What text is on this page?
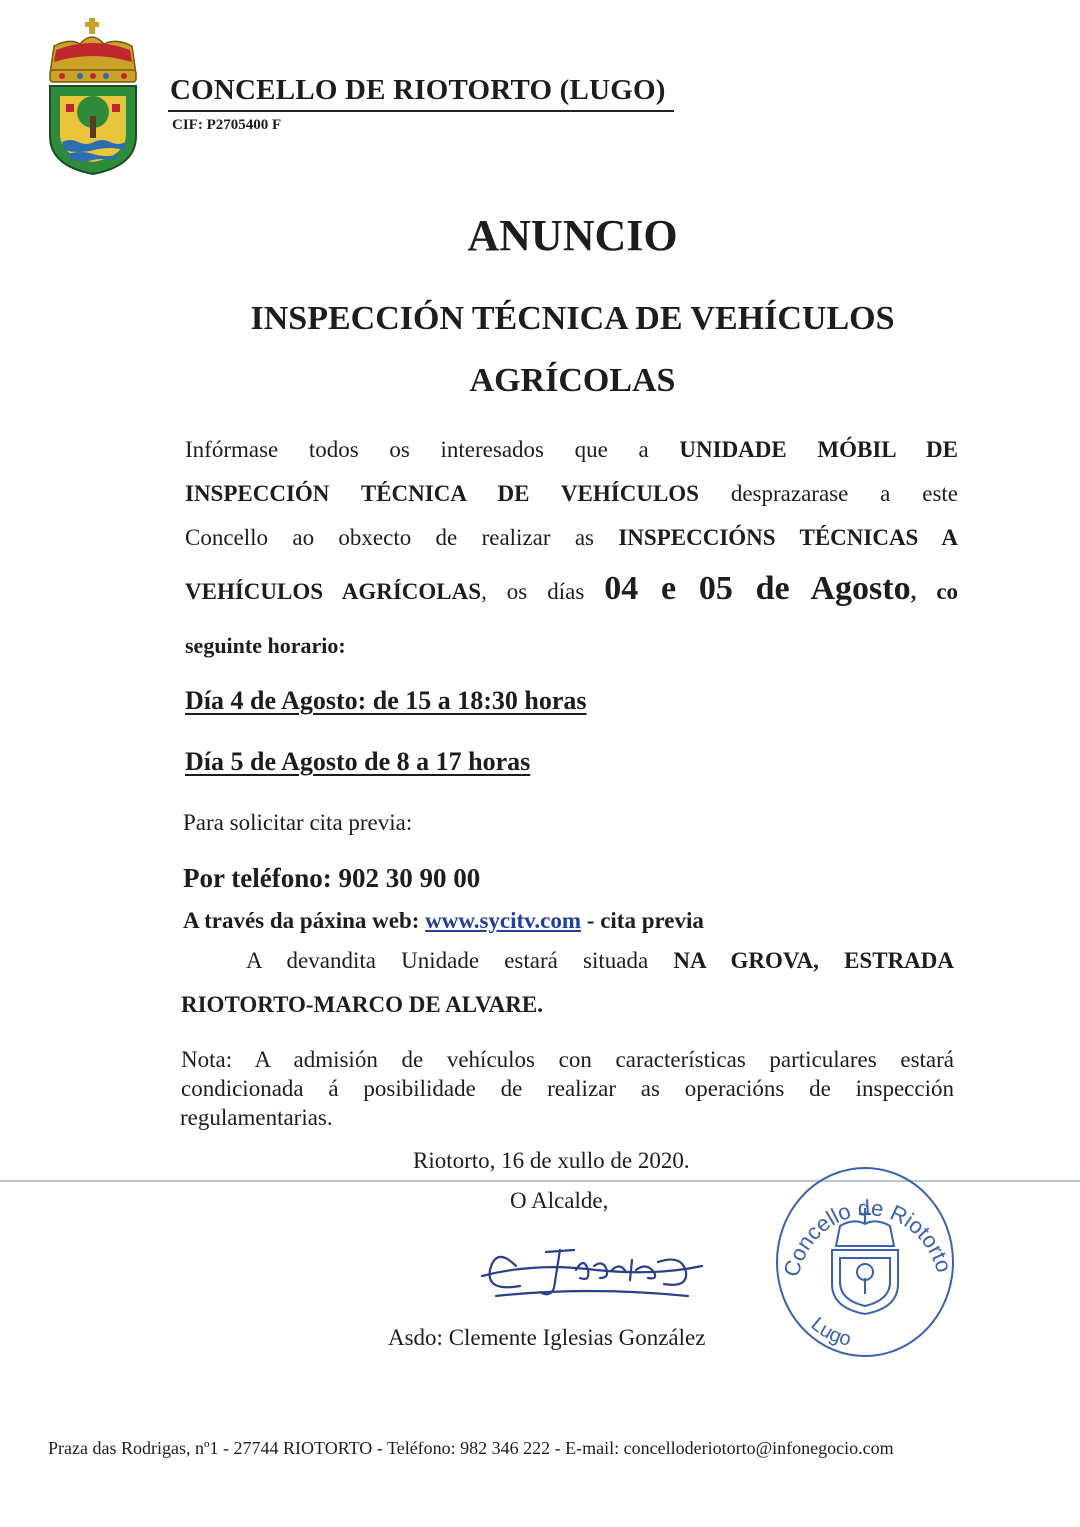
CONCELLO DE RIOTORTO (LUGO)
CIF: P2705400 F
ANUNCIO
INSPECCIÓN TÉCNICA DE VEHÍCULOS
AGRÍCOLAS
Infórmase todos os interesados que a UNIDADE MÓBIL DE
INSPECCIÓN TÉCNICA DE VEHÍCULOS desprazarase a este
Concello ao obxecto de realizar as INSPECCIÓNS TÉCNICAS A
VEHÍCULOS AGRÍCOLAS, os días 04 e 05 de Agosto, co
seguinte horario:
Día 4 de Agosto: de 15 a 18:30 horas
Día 5 de Agosto de 8 a 17 horas
Para solicitar cita previa:
Por teléfono: 902 30 90 00
A través da páxina web: www.sycitv.com - cita previa
A devandita Unidade estará situada NA GROVA, ESTRADA
RIOTORTO-MARCO DE ALVARE.
Nota: A admisión de vehículos con características particulares estará
condicionada á posibilidade de realizar as operacións de inspección
regulamentarias.
Riotorto, 16 de xullo de 2020.
O Alcalde,
Asdo: Clemente Iglesias González
Concello de Riotorto
Lugo
Praza das Rodrigas, nº1 - 27744 RIOTORTO - Teléfono: 982 346 222 - E-mail: concelloderiotorto@infonegocio.com
